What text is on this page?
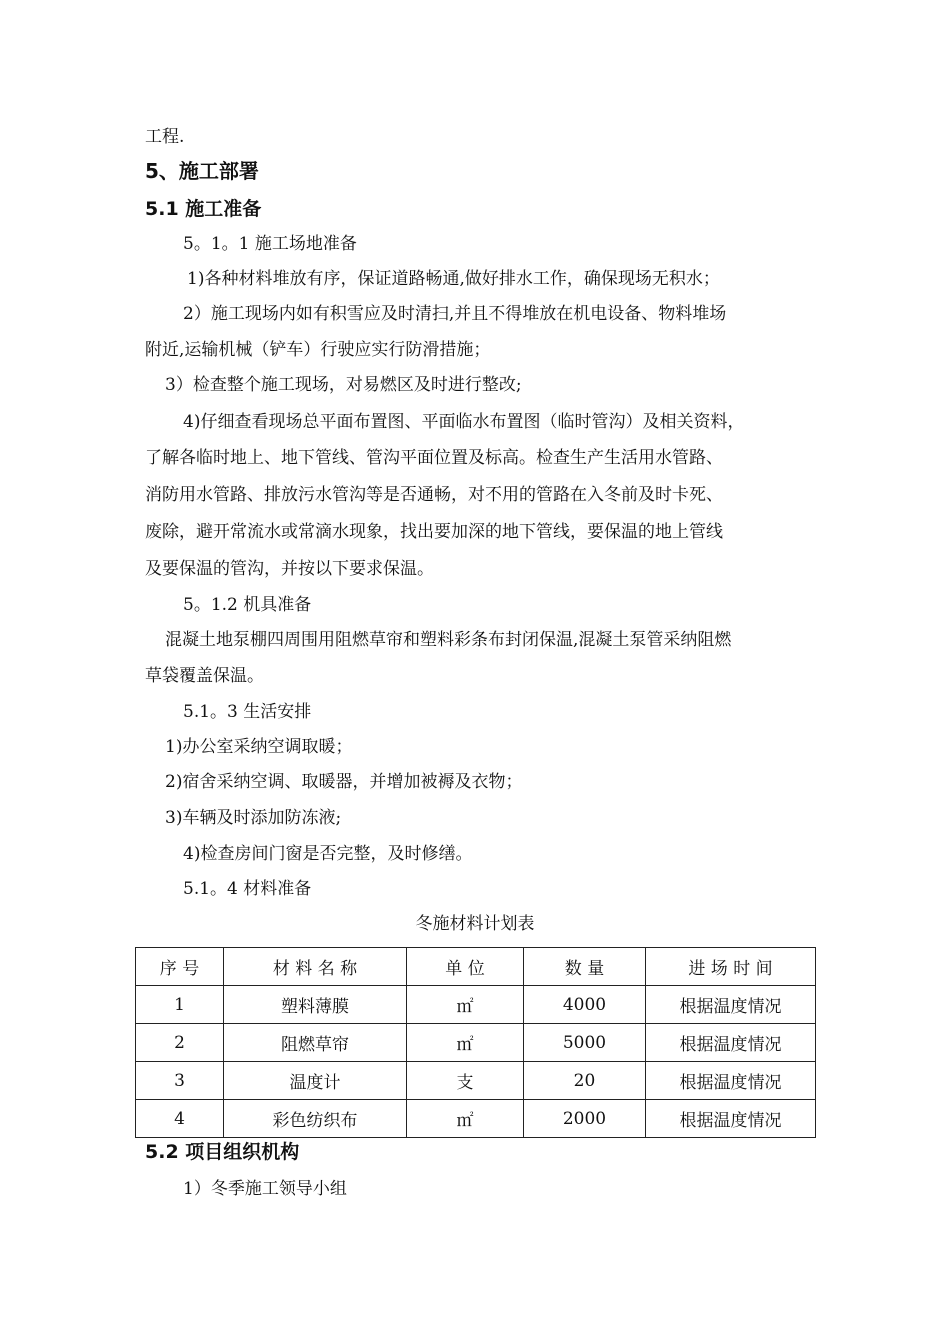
工程.
5、施工部署
5.1 施工准备
5。1。1 施工场地准备
1)各种材料堆放有序，保证道路畅通,做好排水工作，确保现场无积水；
2）施工现场内如有积雪应及时清扫,并且不得堆放在机电设备、物料堆场
附近,运输机械（铲车）行驶应实行防滑措施；
3）检查整个施工现场，对易燃区及时进行整改;
4)仔细查看现场总平面布置图、平面临水布置图（临时管沟）及相关资料，
了解各临时地上、地下管线、管沟平面位置及标高。检查生产生活用水管路、
消防用水管路、排放污水管沟等是否通畅，对不用的管路在入冬前及时卡死、
废除，避开常流水或常滴水现象，找出要加深的地下管线，要保温的地上管线
及要保温的管沟，并按以下要求保温。
5。1.2 机具准备
混凝土地泵棚四周围用阻燃草帘和塑料彩条布封闭保温,混凝土泵管采纳阻燃
草袋覆盖保温。
5.1。3 生活安排
1)办公室采纳空调取暖；
2)宿舍采纳空调、取暖器，并增加被褥及衣物；
3)车辆及时添加防冻液;
4)检查房间门窗是否完整，及时修缮。
5.1。4 材料准备
冬施材料计划表
序 号	材 料 名 称	单 位	数 量	进 场 时 间
1	塑料薄膜	㎡	4000	根据温度情况
2	阻燃草帘	㎡	5000	根据温度情况
3	温度计	支	20	根据温度情况
4	彩色纺织布	㎡	2000	根据温度情况
5.2 项目组织机构
1）冬季施工领导小组
